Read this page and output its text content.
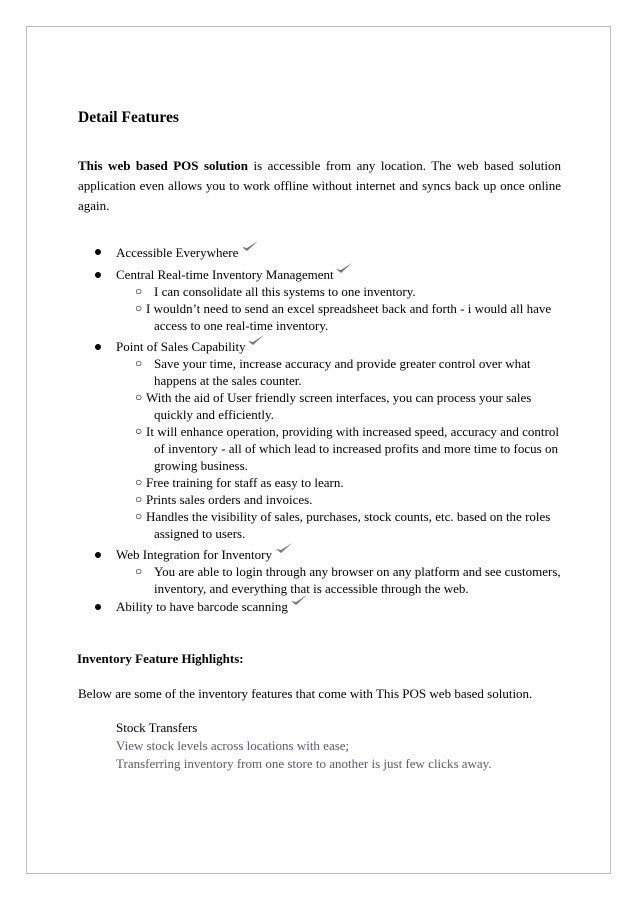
Detail Features
This web based POS solution is accessible from any location. The web based solution application even allows you to work offline without internet and syncs back up once online again.
Accessible Everywhere
Central Real-time Inventory Management
○ I can consolidate all this systems to one inventory.
○ I wouldn’t need to send an excel spreadsheet back and forth - i would all have
access to one real-time inventory.
Point of Sales Capability
○ Save your time, increase accuracy and provide greater control over what
happens at the sales counter.
○ With the aid of User friendly screen interfaces, you can process your sales
quickly and efficiently.
○ It will enhance operation, providing with increased speed, accuracy and control
of inventory - all of which lead to increased profits and more time to focus on
growing business.
○ Free training for staff as easy to learn.
○ Prints sales orders and invoices.
○ Handles the visibility of sales, purchases, stock counts, etc. based on the roles
assigned to users.
Web Integration for Inventory
○ You are able to login through any browser on any platform and see customers,
inventory, and everything that is accessible through the web.
Ability to have barcode scanning
Inventory Feature Highlights:
Below are some of the inventory features that come with This POS web based solution.
Stock Transfers
View stock levels across locations with ease;
Transferring inventory from one store to another is just few clicks away.
